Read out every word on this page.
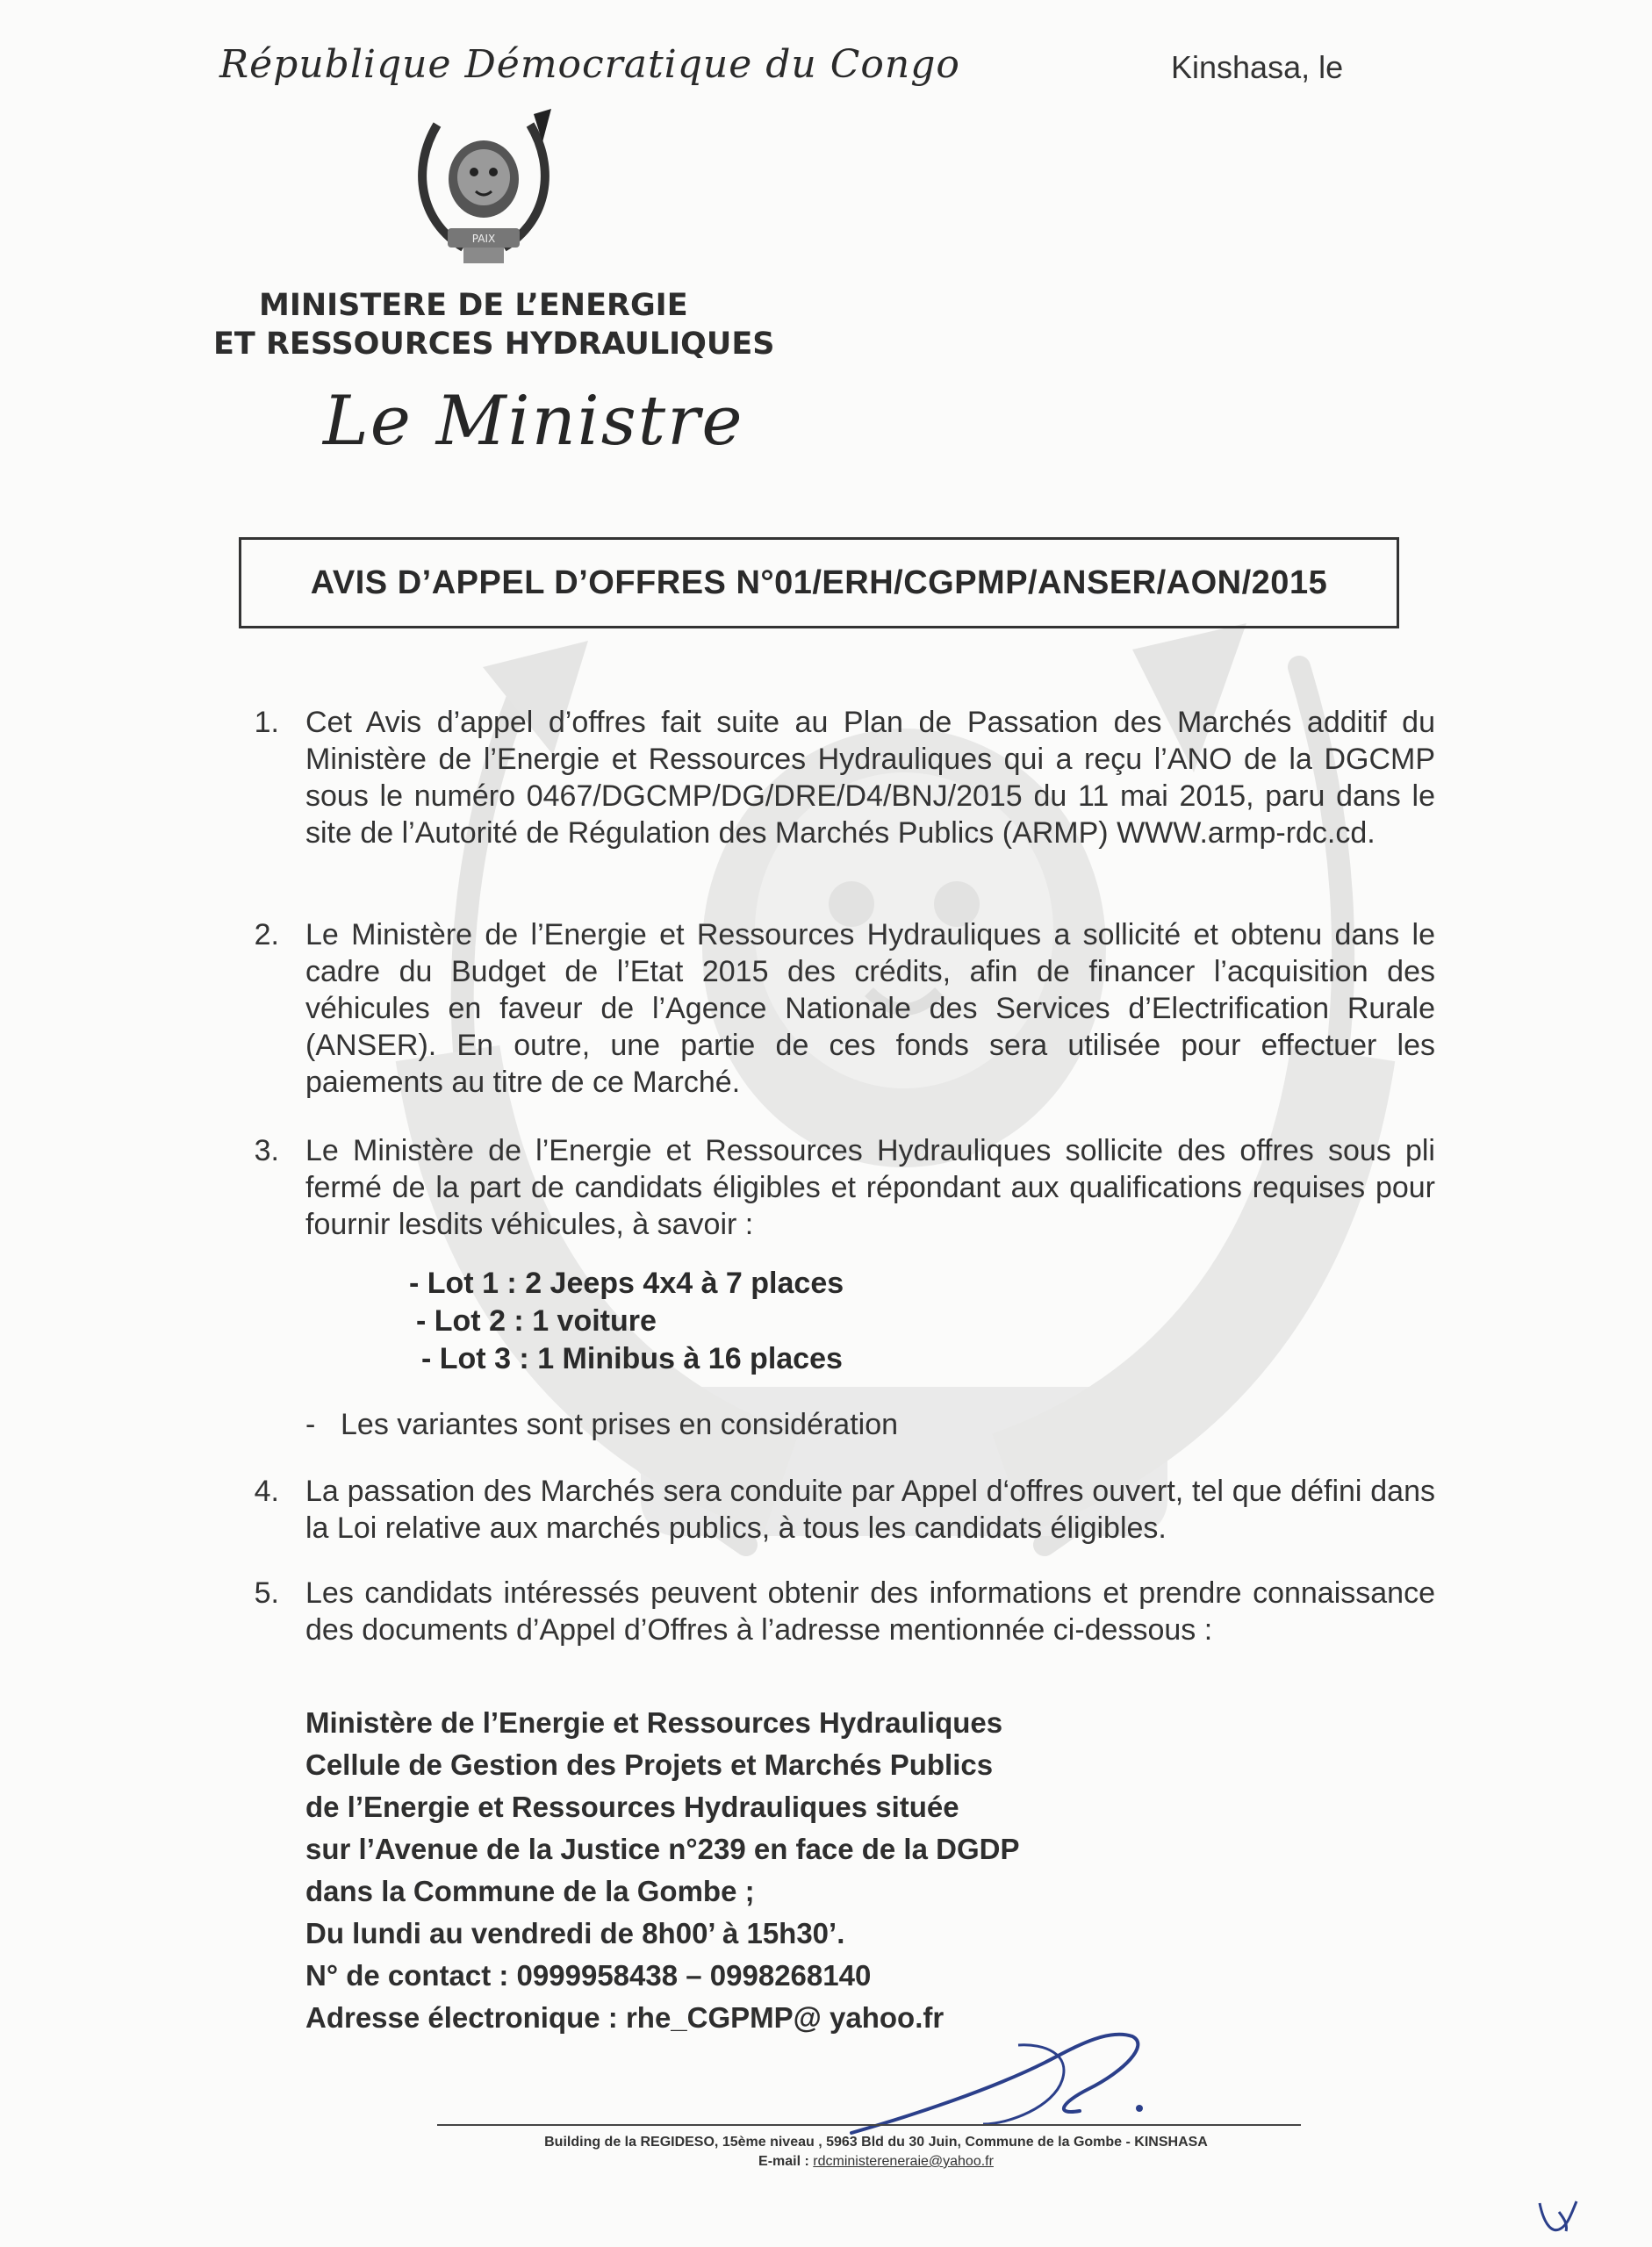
République Démocratique du Congo	Kinshasa, le
PAIX
MINISTERE DE L’ENERGIE
ET RESSOURCES HYDRAULIQUES
Le Ministre
AVIS D’APPEL D’OFFRES N°01/ERH/CGPMP/ANSER/AON/2015
1. Cet Avis d’appel d’offres fait suite au Plan de Passation des Marchés additif du Ministère de l’Energie et Ressources Hydrauliques qui a reçu l’ANO de la DGCMP sous le numéro 0467/DGCMP/DG/DRE/D4/BNJ/2015 du 11 mai 2015, paru dans le site de l’Autorité de Régulation des Marchés Publics (ARMP) WWW.armp-rdc.cd.
2. Le Ministère de l’Energie et Ressources Hydrauliques a sollicité et obtenu dans le cadre du Budget de l’Etat 2015 des crédits, afin de financer l’acquisition des véhicules en faveur de l’Agence Nationale des Services d’Electrification Rurale (ANSER). En outre, une partie de ces fonds sera utilisée pour effectuer les paiements au titre de ce Marché.
3. Le Ministère de l’Energie et Ressources Hydrauliques sollicite des offres sous pli fermé de la part de candidats éligibles et répondant aux qualifications requises pour fournir lesdits véhicules, à savoir :
- Lot 1 : 2 Jeeps 4x4 à 7 places
- Lot 2 : 1 voiture
- Lot 3 : 1 Minibus à 16 places
- Les variantes sont prises en considération
4. La passation des Marchés sera conduite par Appel d‘offres ouvert, tel que défini dans la Loi relative aux marchés publics, à tous les candidats éligibles.
5. Les candidats intéressés peuvent obtenir des informations et prendre connaissance des documents d’Appel d’Offres à l’adresse mentionnée ci-dessous :
Ministère de l’Energie et Ressources Hydrauliques
Cellule de Gestion des Projets et Marchés Publics
de l’Energie et Ressources Hydrauliques située
sur l’Avenue de la Justice n°239 en face de la DGDP
dans la Commune de la Gombe ;
Du lundi au vendredi de 8h00’ à 15h30’.
N° de contact : 0999958438 – 0998268140
Adresse électronique : rhe_CGPMP@ yahoo.fr
Building de la REGIDESO, 15ème niveau , 5963 Bld du 30 Juin, Commune de la Gombe - KINSHASA
E-mail : rdcministereneraie@yahoo.fr
